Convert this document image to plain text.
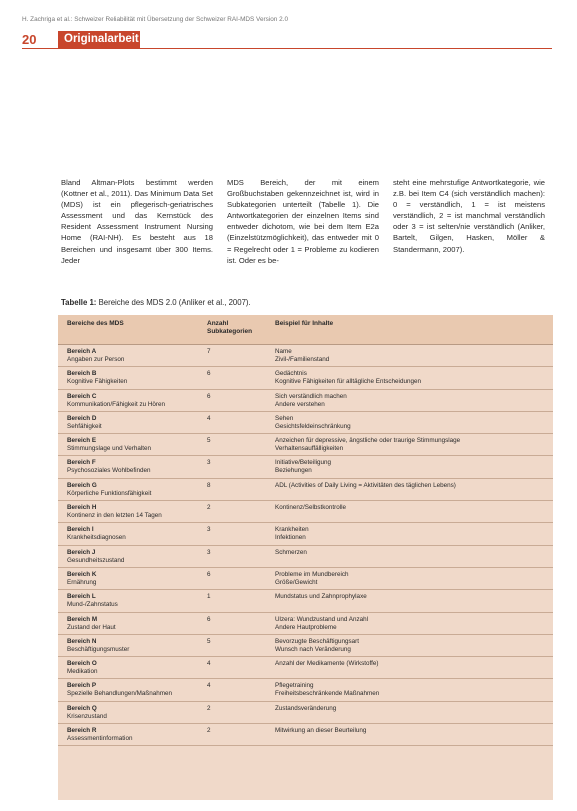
H. Zachriga et al.: Schweizer Reliabilität mit Übersetzung der Schweizer RAI-MDS Version 2.0
20	Originalarbeit
Bland Altman-Plots bestimmt werden (Kottner et al., 2011). Das Minimum Data Set (MDS) ist ein pflegerisch-geriatrisches Assessment und das Kernstück des Resident Assessment Instrument Nursing Home (RAI-NH). Es besteht aus 18 Bereichen und insgesamt über 300 Items. Jeder
MDS Bereich, der mit einem Großbuchstaben gekennzeichnet ist, wird in Subkategorien unterteilt (Tabelle 1). Die Antwortkategorien der einzelnen Items sind entweder dichotom, wie bei dem Item E2a (Einzelstützmöglichkeit), das entweder mit 0 = Regelrecht oder 1 = Probleme zu kodieren ist. Oder es be-
steht eine mehrstufige Antwortkategorie, wie z.B. bei Item C4 (sich verständlich machen): 0 = verständlich, 1 = ist meistens verständlich, 2 = ist manchmal verständlich oder 3 = ist selten/nie verständlich (Anliker, Bartelt, Gilgen, Hasken, Möller & Standermann, 2007).
Tabelle 1: Bereiche des MDS 2.0 (Anliker et al., 2007).
Bereiche des MDS	Anzahl Subkategorien
Beispiel für Inhalte
Bereich A
Angaben zur Person
7	Name
Zivil-/Familienstand
Bereich B
Kognitive Fähigkeiten
6	Gedächtnis
Kognitive Fähigkeiten für alltägliche Entscheidungen
Bereich C
Kommunikation/Fähigkeit zu Hören
6	Sich verständlich machen
Andere verstehen
Bereich D
Sehfähigkeit
4	Sehen
Gesichtsfeldeinschränkung
Bereich E
Stimmungslage und Verhalten
5	Anzeichen für depressive, ängstliche oder traurige Stimmungslage
Verhaltensauffälligkeiten
Bereich F
Psychosoziales Wohlbefinden
3	Initiative/Beteiligung
Beziehungen
Bereich G
Körperliche Funktionsfähigkeit
8	ADL (Activities of Daily Living = Aktivitäten des täglichen Lebens)
Bereich H
Kontinenz in den letzten 14 Tagen
2	Kontinenz/Selbstkontrolle
Bereich I
Krankheitsdiagnosen
3	Krankheiten
Infektionen
Bereich J
Gesundheitszustand
3	Schmerzen
Bereich K
Ernährung
6	Probleme im Mundbereich
Größe/Gewicht
Bereich L
Mund-/Zahnstatus
1	Mundstatus und Zahnprophylaxe
Bereich M
Zustand der Haut
6	Ulzera: Wundzustand und Anzahl
Andere Hautprobleme
Bereich N
Beschäftigungsmuster
5	Bevorzugte Beschäftigungsart
Wunsch nach Veränderung
Bereich O
Medikation
4	Anzahl der Medikamente (Wirkstoffe)
Bereich P
Spezielle Behandlungen/Maßnahmen
4	Pflegetraining
Freiheitsbeschränkende Maßnahmen
Bereich Q
Krisenzustand
2	Zustandsveränderung
Bereich R
Assessmentinformation
2	Mitwirkung an dieser Beurteilung
